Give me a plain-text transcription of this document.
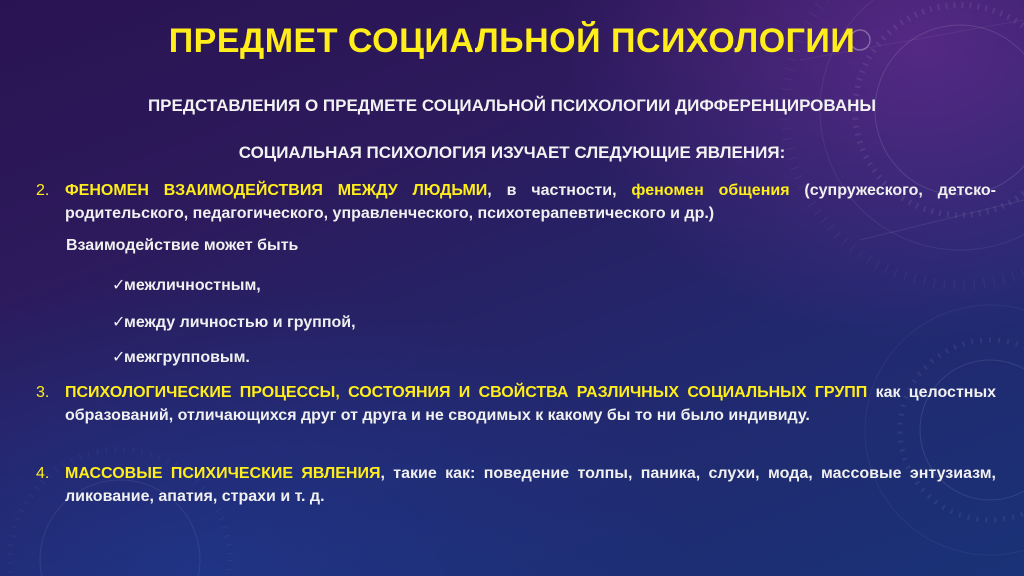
ПРЕДМЕТ СОЦИАЛЬНОЙ ПСИХОЛОГИИ
ПРЕДСТАВЛЕНИЯ О ПРЕДМЕТЕ СОЦИАЛЬНОЙ ПСИХОЛОГИИ ДИФФЕРЕНЦИРОВАНЫ
СОЦИАЛЬНАЯ ПСИХОЛОГИЯ ИЗУЧАЕТ СЛЕДУЮЩИЕ ЯВЛЕНИЯ:
2. ФЕНОМЕН ВЗАИМОДЕЙСТВИЯ МЕЖДУ ЛЮДЬМИ, в частности, феномен общения (супружеского, детско-родительского, педагогического, управленческого, психотерапевтического и др.)
Взаимодействие может быть
✓межличностным,
✓между личностью и группой,
✓межгрупповым.
3. ПСИХОЛОГИЧЕСКИЕ ПРОЦЕССЫ, СОСТОЯНИЯ И СВОЙСТВА РАЗЛИЧНЫХ СОЦИАЛЬНЫХ ГРУПП как целостных образований, отличающихся друг от друга и не сводимых к какому бы то ни было индивиду.
4. МАССОВЫЕ ПСИХИЧЕСКИЕ ЯВЛЕНИЯ, такие как: поведение толпы, паника, слухи, мода, массовые энтузиазм, ликование, апатия, страхи и т. д.
